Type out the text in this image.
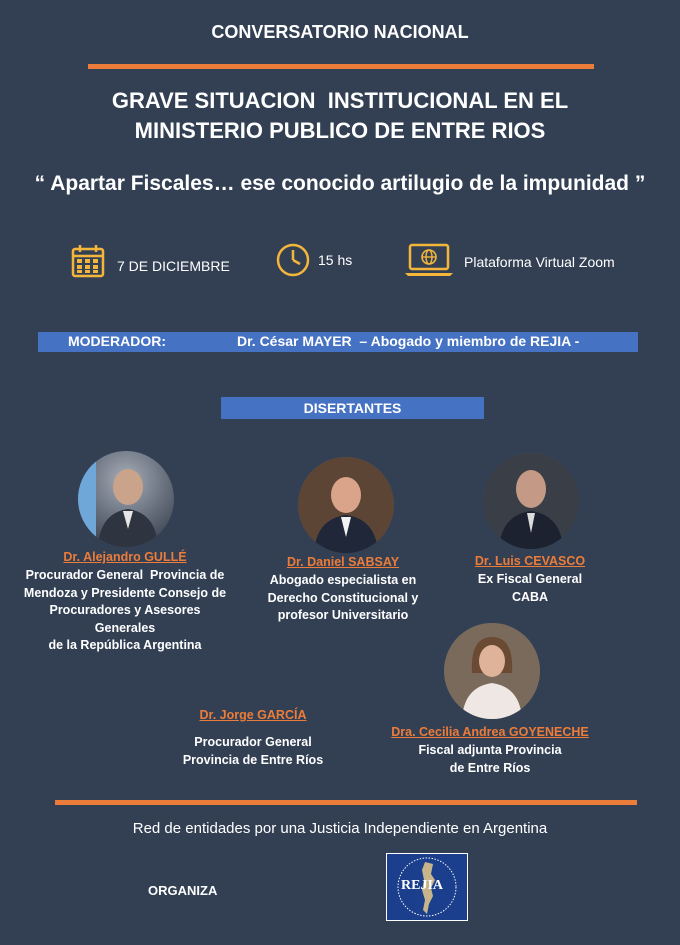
CONVERSATORIO NACIONAL
GRAVE SITUACION  INSTITUCIONAL EN EL
MINISTERIO PUBLICO DE ENTRE RIOS
“ Apartar Fiscales… ese conocido artilugio de la impunidad ”
7 DE DICIEMBRE	15 hs	Plataforma Virtual Zoom
MODERADOR:	Dr. César MAYER  – Abogado y miembro de REJIA -
DISERTANTES
Dr. Alejandro GULLÉ
Procurador General  Provincia de
Mendoza y Presidente Consejo de
Procuradores y Asesores Generales
de la República Argentina
Dr. Daniel SABSAY
Abogado especialista en
Derecho Constitucional y
profesor Universitario
Dr. Luis CEVASCO
Ex Fiscal General
CABA
Dr. Jorge GARCÍA
Procurador General
Provincia de Entre Ríos
Dra. Cecilia Andrea GOYENECHE
Fiscal adjunta Provincia
de Entre Ríos
Red de entidades por una Justicia Independiente en Argentina
ORGANIZA	REJIA
